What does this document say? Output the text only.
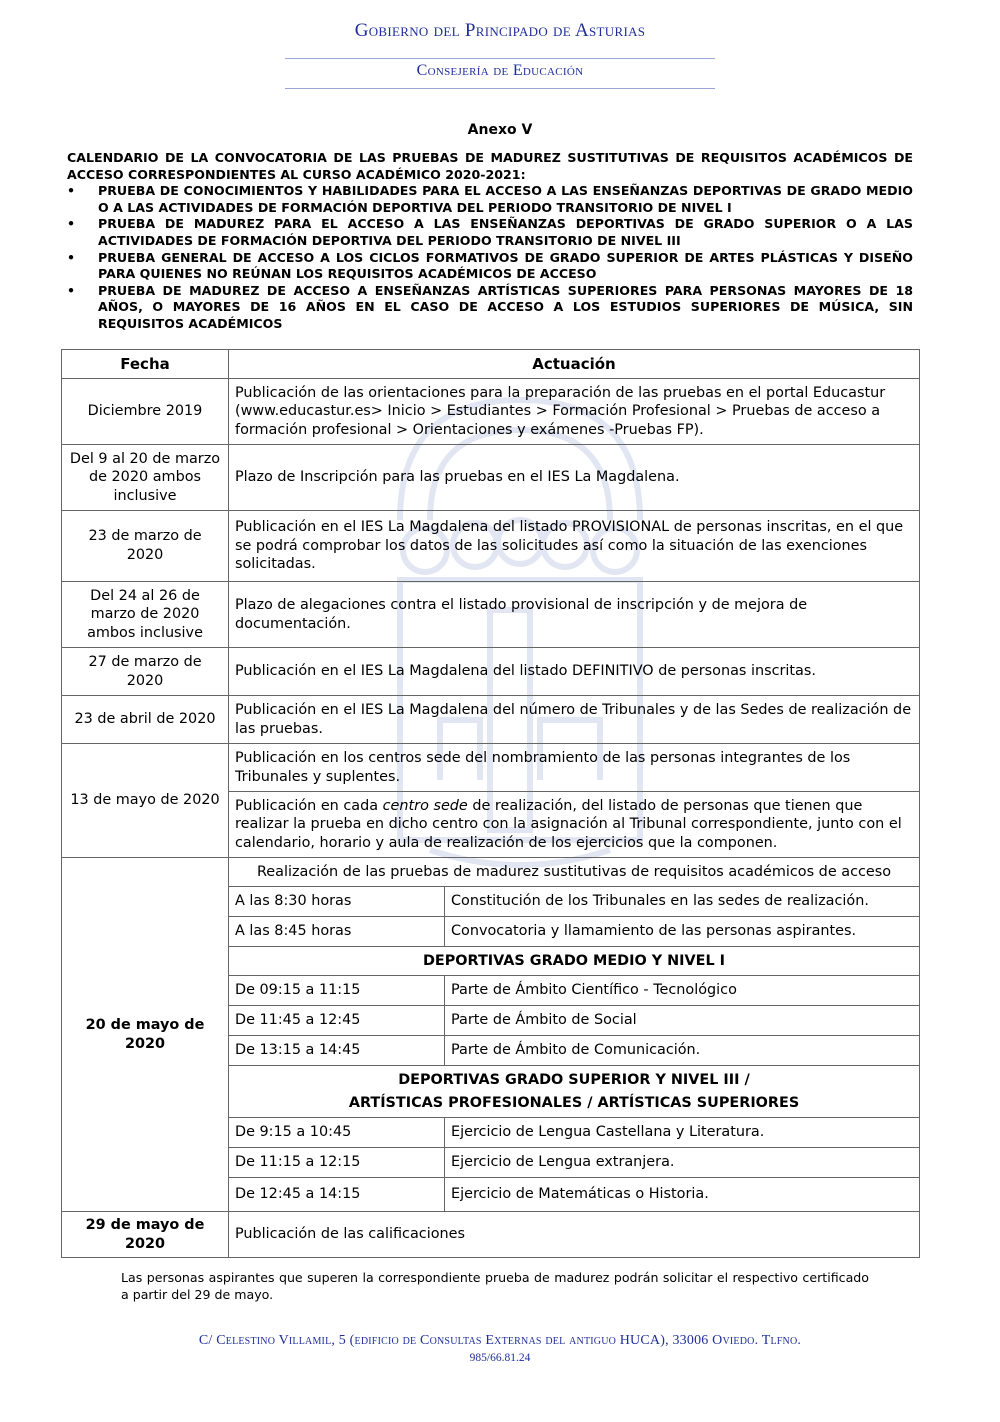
Gobierno del Principado de Asturias
Consejería de Educación
Anexo V

CALENDARIO DE LA CONVOCATORIA DE LAS PRUEBAS DE MADUREZ SUSTITUTIVAS DE REQUISITOS ACADÉMICOS DE ACCESO CORRESPONDIENTES AL CURSO ACADÉMICO 2020-2021:

• PRUEBA DE CONOCIMIENTOS Y HABILIDADES PARA EL ACCESO A LAS ENSEÑANZAS DEPORTIVAS DE GRADO MEDIO O A LAS ACTIVIDADES DE FORMACIÓN DEPORTIVA DEL PERIODO TRANSITORIO DE NIVEL I
• PRUEBA DE MADUREZ PARA EL ACCESO A LAS ENSEÑANZAS DEPORTIVAS DE GRADO SUPERIOR O A LAS ACTIVIDADES DE FORMACIÓN DEPORTIVA DEL PERIODO TRANSITORIO DE NIVEL III
• PRUEBA GENERAL DE ACCESO A LOS CICLOS FORMATIVOS DE GRADO SUPERIOR DE ARTES PLÁSTICAS Y DISEÑO PARA QUIENES NO REÚNAN LOS REQUISITOS ACADÉMICOS DE ACCESO
• PRUEBA DE MADUREZ DE ACCESO A ENSEÑANZAS ARTÍSTICAS SUPERIORES PARA PERSONAS MAYORES DE 18 AÑOS, O MAYORES DE 16 AÑOS EN EL CASO DE ACCESO A LOS ESTUDIOS SUPERIORES DE MÚSICA, SIN REQUISITOS ACADÉMICOS
Fecha	Actuación	
Diciembre 2019	Publicación de las orientaciones para la preparación de las pruebas en el portal Educastur (www.educastur.es> Inicio > Estudiantes > Formación Profesional > Pruebas de acceso a formación profesional > Orientaciones y exámenes -Pruebas FP).	
Del 9 al 20 de marzo de 2020 ambos inclusive	Plazo de Inscripción para las pruebas en el IES La Magdalena.	
23 de marzo de 2020	Publicación en el IES La Magdalena del listado PROVISIONAL de personas inscritas, en el que se podrá comprobar los datos de las solicitudes así como la situación de las exenciones solicitadas.	
Del 24 al 26 de marzo de 2020 ambos inclusive	Plazo de alegaciones contra el listado provisional de inscripción y de mejora de documentación.	
27 de marzo de 2020	Publicación en el IES La Magdalena del listado DEFINITIVO de personas inscritas.	
23 de abril de 2020	Publicación en el IES La Magdalena del número de Tribunales y de las Sedes de realización de las pruebas.	
13 de mayo de 2020	Publicación en los centros sede del nombramiento de las personas integrantes de los Tribunales y suplentes.	
	Publicación en cada centro sede de realización, del listado de personas que tienen que realizar la prueba en dicho centro con la asignación al Tribunal correspondiente, junto con el calendario, horario y aula de realización de los ejercicios que la componen.	
20 de mayo de 2020	Realización de las pruebas de madurez sustitutivas de requisitos académicos de acceso	
	A las 8:30 horas	Constitución de los Tribunales en las sedes de realización.
	A las 8:45 horas	Convocatoria y llamamiento de las personas aspirantes.
	DEPORTIVAS GRADO MEDIO Y NIVEL I	
	De 09:15 a 11:15	Parte de Ámbito Científico - Tecnológico
	De 11:45 a 12:45	Parte de Ámbito de Social
	De 13:15 a 14:45	Parte de Ámbito de Comunicación.

	DEPORTIVAS GRADO SUPERIOR Y NIVEL III /
ARTÍSTICAS PROFESIONALES / ARTÍSTICAS SUPERIORES	

	De 9:15 a 10:45	Ejercicio de Lengua Castellana y Literatura.
	De 11:15 a 12:15	Ejercicio de Lengua extranjera.
	De 12:45 a 14:15	Ejercicio de Matemáticas o Historia.

29 de mayo de 2020	Publicación de las calificaciones	
Las personas aspirantes que superen la correspondiente prueba de madurez podrán solicitar el respectivo certificado a partir del 29 de mayo.
C/ Celestino Villamil, 5 (edificio de Consultas Externas del antiguo HUCA), 33006 Oviedo. Tlfno.
985/66.81.24
